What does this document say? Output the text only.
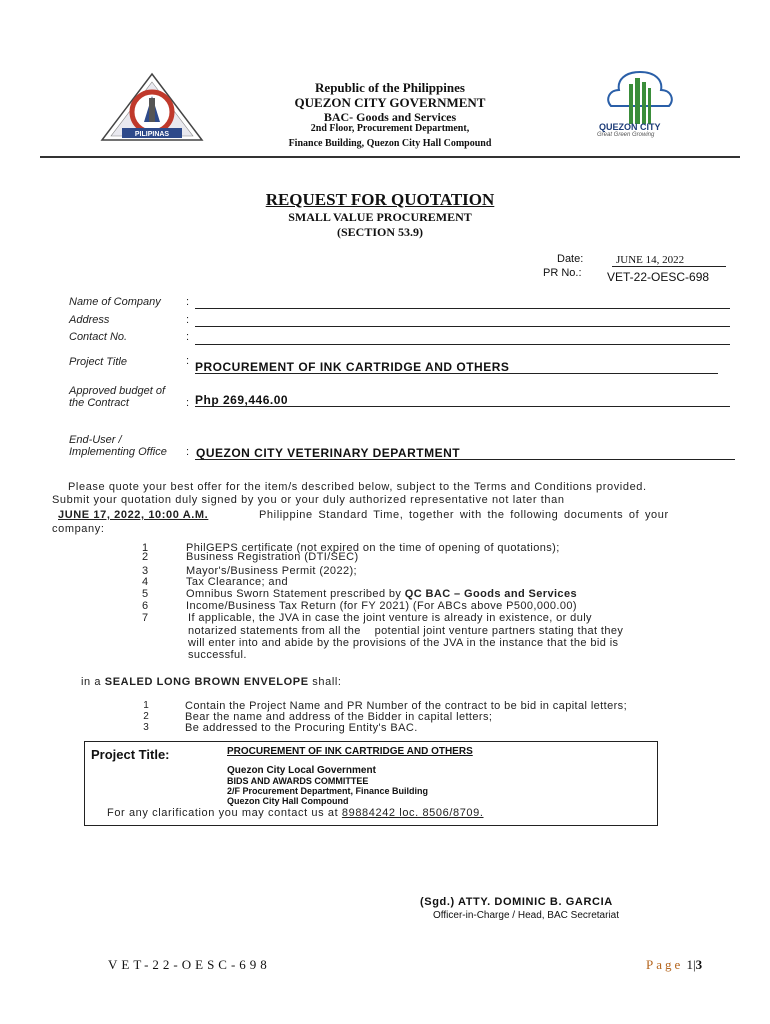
PILIPINAS
Republic of the Philippines
QUEZON CITY GOVERNMENT
BAC- Goods and Services
2nd Floor, Procurement Department,
Finance Building, Quezon City Hall Compound
QUEZON CITY
Great Green Growing
REQUEST FOR QUOTATION
SMALL VALUE PROCUREMENT
(SECTION 53.9)
Date:	JUNE 14, 2022
PR No.: VET-22-OESC-698
Name of Company :
Address	:
Contact No.	:
Project Title	: PROCUREMENT OF INK CARTRIDGE AND OTHERS
Approved budget of
the Contract	: Php 269,446.00
End-User /
Implementing Office : QUEZON CITY VETERINARY DEPARTMENT
Please quote your best offer for the item/s described below, subject to the Terms and Conditions provided.
Submit your quotation duly signed by you or your duly authorized representative not later than
JUNE 17, 2022, 10:00 A.M.	Philippine Standard Time, together with the following documents of your
company:
1	PhilGEPS certificate (not expired on the time of opening of quotations);
2	Business Registration (DTI/SEC)
3	Mayor's/Business Permit (2022);
4	Tax Clearance; and
5	Omnibus Sworn Statement prescribed by QC BAC – Goods and Services
6	Income/Business Tax Return (for FY 2021) (For ABCs above P500,000.00)
7	If applicable, the JVA in case the joint venture is already in existence, or duly
notarized statements from all the    potential joint venture partners stating that they
will enter into and abide by the provisions of the JVA in the instance that the bid is
successful.
in a SEALED LONG BROWN ENVELOPE shall:
1	Contain the Project Name and PR Number of the contract to be bid in capital letters;
2	Bear the name and address of the Bidder in capital letters;
3	Be addressed to the Procuring Entity's BAC.
Project Title:	PROCUREMENT OF INK CARTRIDGE AND OTHERS
Quezon City Local Government
BIDS AND AWARDS COMMITTEE
2/F Procurement Department, Finance Building
Quezon City Hall Compound
For any clarification you may contact us at 89884242 loc. 8506/8709.
(Sgd.) ATTY. DOMINIC B. GARCIA
Officer-in-Charge / Head, BAC Secretariat
VET-22-OESC-698	Page 1|3
